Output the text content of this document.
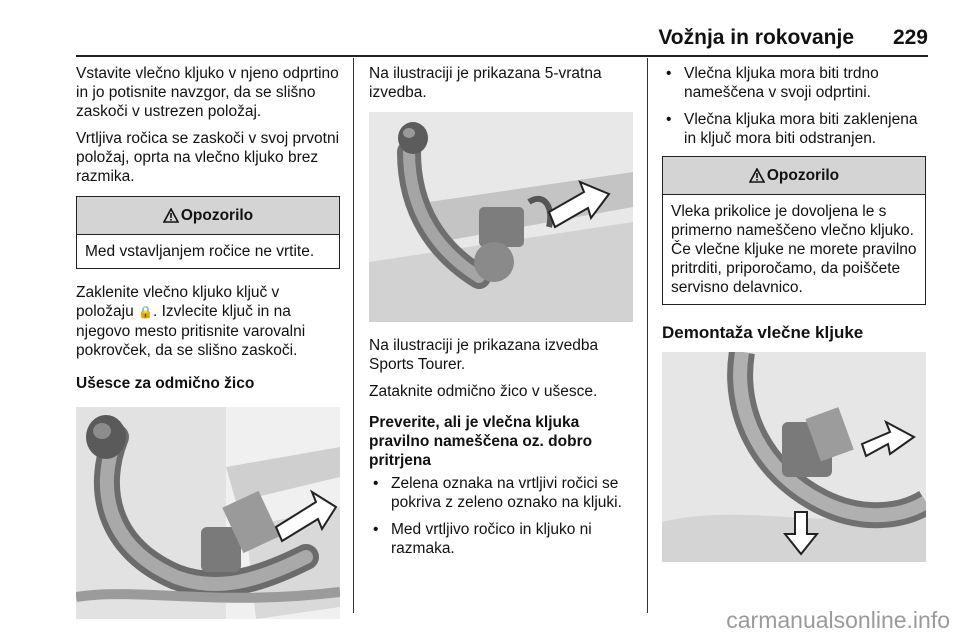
Vožnja in rokovanje 229

Vstavite vlečno kljuko v njeno odprtino in jo potisnite navzgor, da se slišno zaskoči v ustrezen položaj.

Vrtljiva ročica se zaskoči v svoj prvotni položaj, oprta na vlečno kljuko brez razmika.

Opozorilo
Med vstavljanjem ročice ne vrtite.

Zaklenite vlečno kljuko ključ v položaju 🔒. Izvlecite ključ in na njegovo mesto pritisnite varovalni pokrovček, da se slišno zaskoči.

Ušesce za odmično žico

Na ilustraciji je prikazana 5-vratna izvedba.

Na ilustraciji je prikazana izvedba Sports Tourer.

Zataknite odmično žico v ušesce.

Preverite, ali je vlečna kljuka pravilno nameščena oz. dobro pritrjena

• Zelena oznaka na vrtljivi ročici se pokriva z zeleno oznako na kljuki.
• Med vrtljivo ročico in kljuko ni razmaka.
• Vlečna kljuka mora biti trdno nameščena v svoji odprtini.
• Vlečna kljuka mora biti zaklenjena in ključ mora biti odstranjen.
Opozorilo
Vleka prikolice je dovoljena le s primerno nameščeno vlečno kljuko. Če vlečne kljuke ne morete pravilno pritrditi, priporočamo, da poiščete servisno delavnico.

Demontaža vlečne kljuke

carmanualsonline.info
